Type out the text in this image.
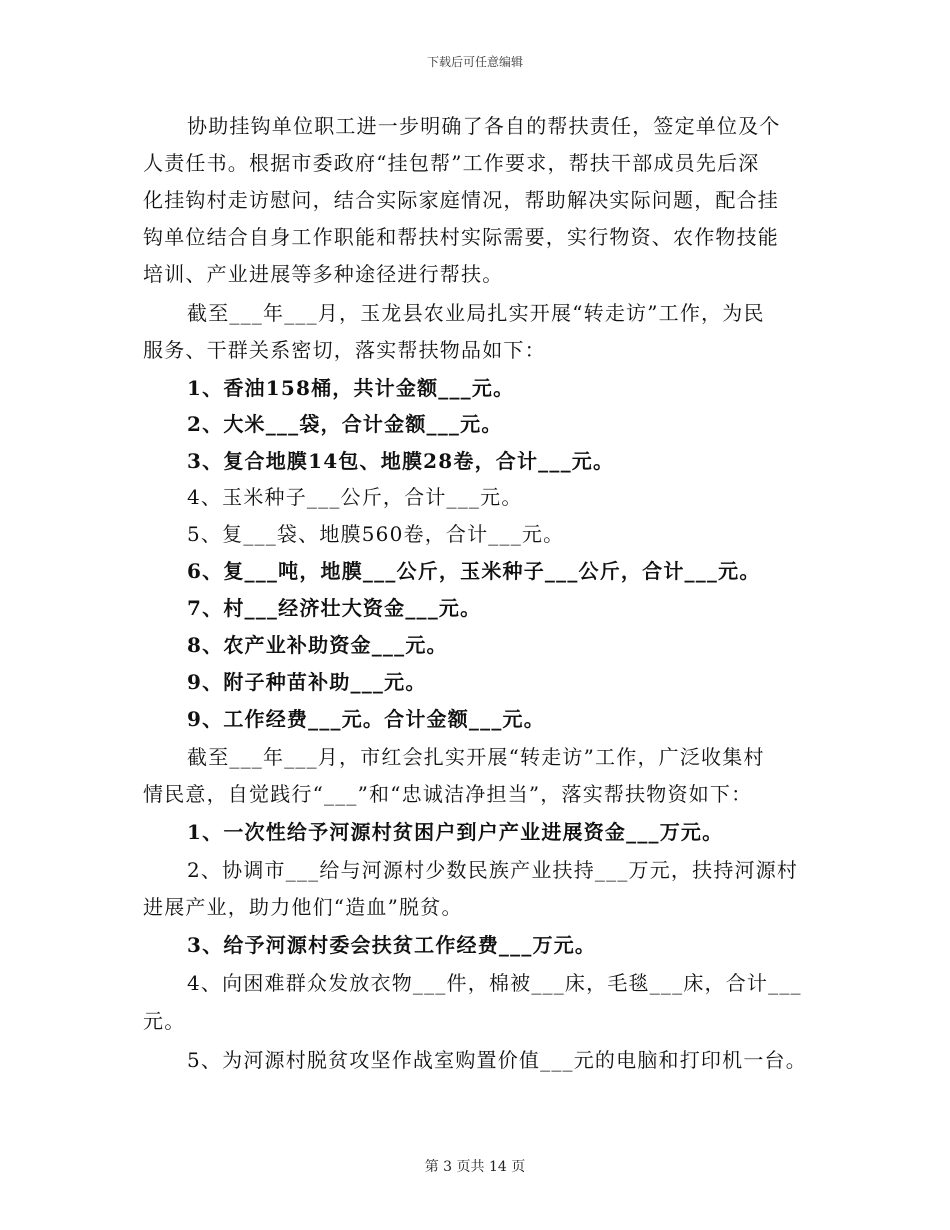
下载后可任意编辑
协助挂钩单位职工进一步明确了各自的帮扶责任，签定单位及个
人责任书。根据市委政府“挂包帮”工作要求，帮扶干部成员先后深
化挂钩村走访慰问，结合实际家庭情况，帮助解决实际问题，配合挂
钩单位结合自身工作职能和帮扶村实际需要，实行物资、农作物技能
培训、产业进展等多种途径进行帮扶。
截至___年___月，玉龙县农业局扎实开展“转走访”工作，为民
服务、干群关系密切，落实帮扶物品如下：
1、香油158桶，共计金额___元。
2、大米___袋，合计金额___元。
3、复合地膜14包、地膜28卷，合计___元。
4、玉米种子___公斤，合计___元。
5、复___袋、地膜560卷，合计___元。
6、复___吨，地膜___公斤，玉米种子___公斤，合计___元。
7、村___经济壮大资金___元。
8、农产业补助资金___元。
9、附子种苗补助___元。
9、工作经费___元。合计金额___元。
截至___年___月，市红会扎实开展“转走访”工作，广泛收集村
情民意，自觉践行“___”和“忠诚洁净担当”，落实帮扶物资如下：
1、一次性给予河源村贫困户到户产业进展资金___万元。
2、协调市___给与河源村少数民族产业扶持___万元，扶持河源村
进展产业，助力他们“造血”脱贫。
3、给予河源村委会扶贫工作经费___万元。
4、向困难群众发放衣物___件，棉被___床，毛毯___床，合计___
元。
5、为河源村脱贫攻坚作战室购置价值___元的电脑和打印机一台。
第 3 页共 14 页
